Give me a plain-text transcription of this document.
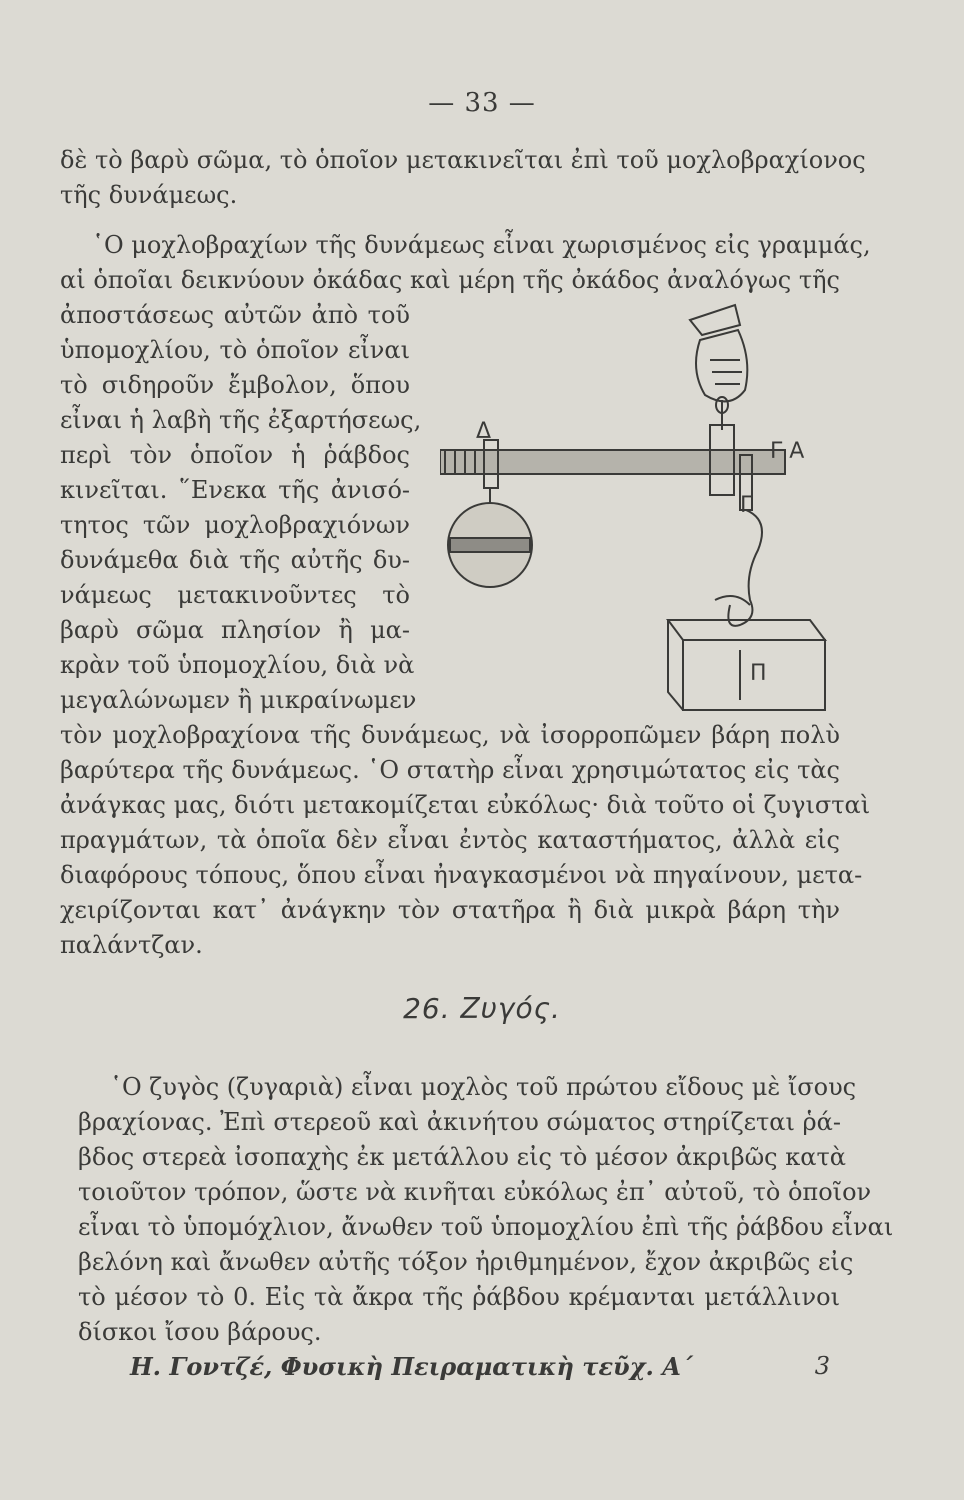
— 33 —
δὲ τὸ βαρὺ σῶμα, τὸ ὁποῖον μετακινεῖται ἐπὶ τοῦ μοχλοβραχίονος
τῆς δυνάμεως.
῾Ο μοχλοβραχίων τῆς δυνάμεως εἶναι χωρισμένος εἰς γραμμάς,
αἱ ὁποῖαι δεικνύουν ὀκάδας καὶ μέρη τῆς ὀκάδος ἀναλόγως τῆς
ἀποστάσεως αὐτῶν ἀπὸ τοῦ
ὑπομοχλίου, τὸ ὁποῖον εἶναι
τὸ σιδηροῦν ἔμβολον, ὅπου
εἶναι ἡ λαβὴ τῆς ἐξαρτήσεως,
περὶ τὸν ὁποῖον ἡ ῥάβδος
κινεῖται. ῞Ενεκα τῆς ἀνισό-
τητος τῶν μοχλοβραχιόνων
δυνάμεθα διὰ τῆς αὐτῆς δυ-
νάμεως μετακινοῦντες τὸ
βαρὺ σῶμα πλησίον ἢ μα-
κρὰν τοῦ ὑπομοχλίου, διὰ νὰ
μεγαλώνωμεν ἢ μικραίνωμεν
τὸν μοχλοβραχίονα τῆς δυνάμεως, νὰ ἰσορροπῶμεν βάρη πολὺ
βαρύτερα τῆς δυνάμεως. ῾Ο στατὴρ εἶναι χρησιμώτατος εἰς τὰς
ἀνάγκας μας, διότι μετακομίζεται εὐκόλως· διὰ τοῦτο οἱ ζυγισταὶ
πραγμάτων, τὰ ὁποῖα δὲν εἶναι ἐντὸς καταστήματος, ἀλλὰ εἰς
διαφόρους τόπους, ὅπου εἶναι ἠναγκασμένοι νὰ πηγαίνουν, μετα-
χειρίζονται κατ᾽ ἀνάγκην τὸν στατῆρα ἢ διὰ μικρὰ βάρη τὴν
παλάντζαν.
26. Ζυγός.
῾Ο ζυγὸς (ζυγαριὰ) εἶναι μοχλὸς τοῦ πρώτου εἴδους μὲ ἴσους
βραχίονας. Ἐπὶ στερεοῦ καὶ ἀκινήτου σώματος στηρίζεται ῥά-
βδος στερεὰ ἰσοπαχὴς ἐκ μετάλλου εἰς τὸ μέσον ἀκριβῶς κατὰ
τοιοῦτον τρόπον, ὥστε νὰ κινῆται εὐκόλως ἐπ᾽ αὐτοῦ, τὸ ὁποῖον
εἶναι τὸ ὑπομόχλιον, ἄνωθεν τοῦ ὑπομοχλίου ἐπὶ τῆς ῥάβδου εἶναι
βελόνη καὶ ἄνωθεν αὐτῆς τόξον ἠριθμημένον, ἔχον ἀκριβῶς εἰς
τὸ μέσον τὸ 0. Εἰς τὰ ἄκρα τῆς ῥάβδου κρέμανται μετάλλινοι
δίσκοι ἴσου βάρους.
Δ
Γ Α
Γ
Π
Η. Γοντζέ, Φυσικὴ Πειραματικὴ τεῦχ. Α΄	3
